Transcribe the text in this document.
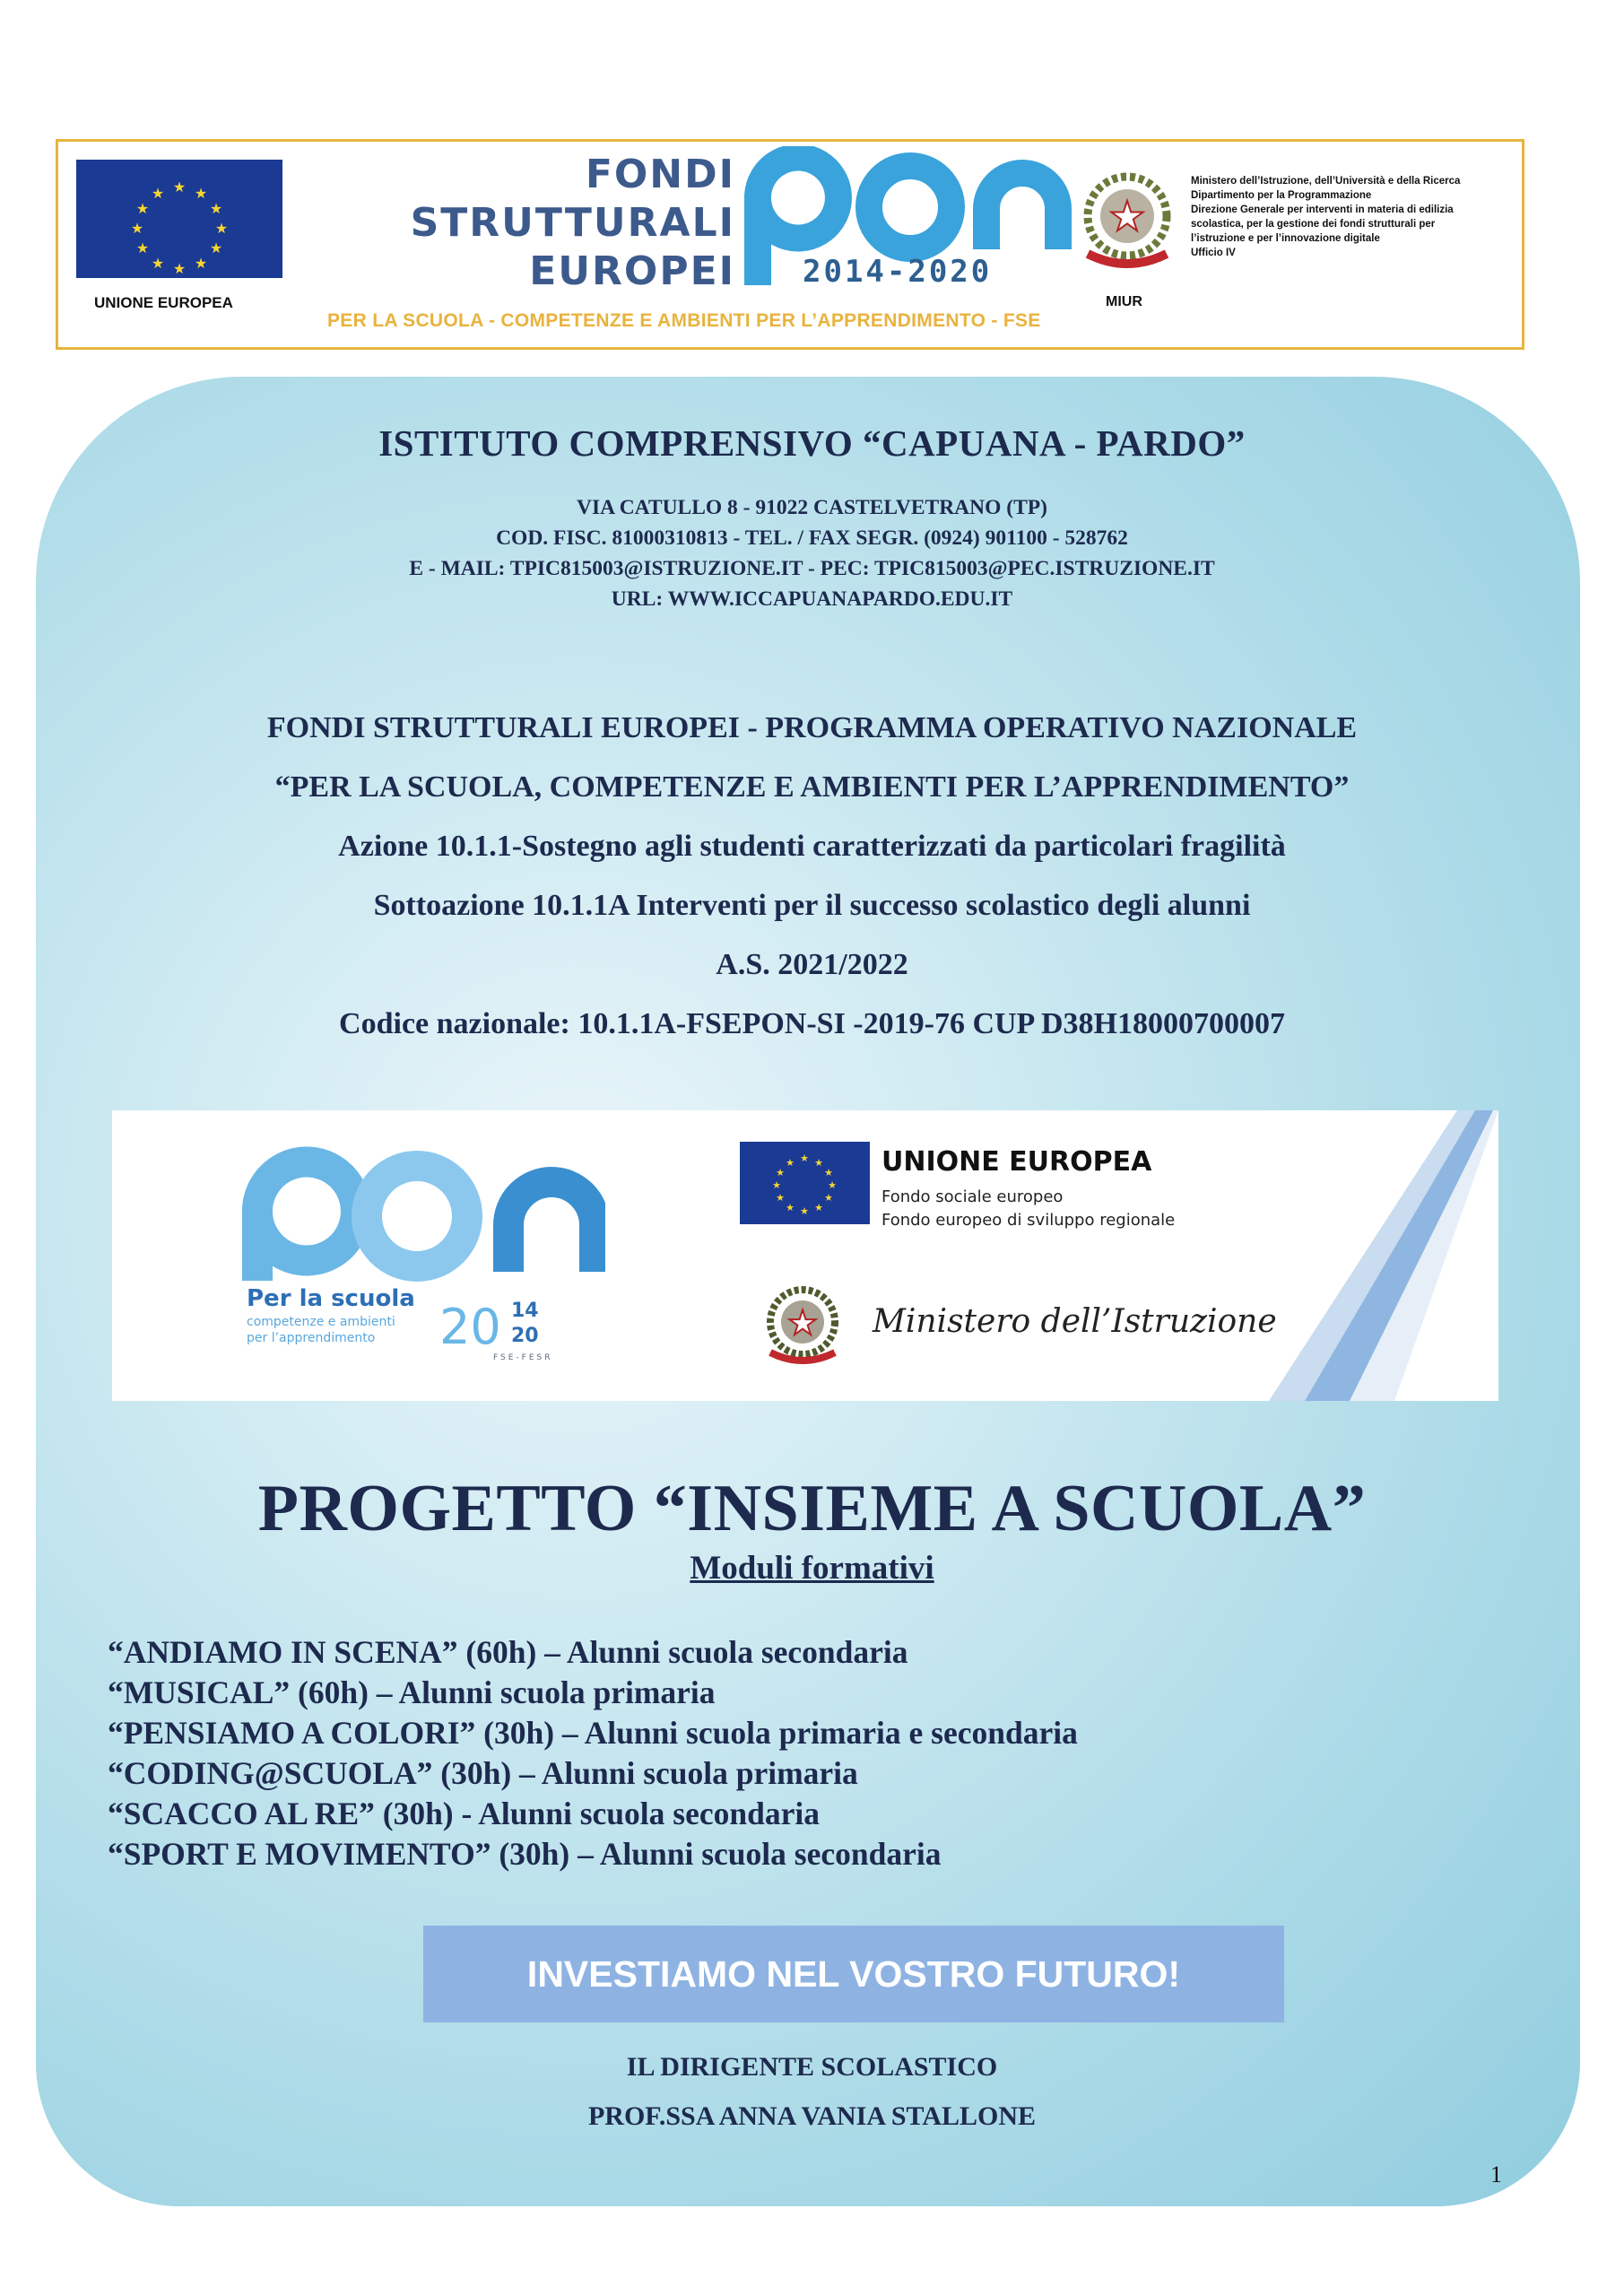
★ ★
★
★
★
★
★
★
★
★
★
★
UNIONE EUROPEA
FONDI
STRUTTURALI
EUROPEI 2014-2020
PER LA SCUOLA - COMPETENZE E AMBIENTI PER L’APPRENDIMENTO - FSE
★
Ministero dell’Istruzione, dell’Università e della Ricerca
Dipartimento per la Programmazione
Direzione Generale per interventi in materia di edilizia
scolastica, per la gestione dei fondi strutturali per
l’istruzione e per l’innovazione digitale
Ufficio IV
MIUR
ISTITUTO COMPRENSIVO “CAPUANA - PARDO”
VIA CATULLO 8 - 91022 CASTELVETRANO (TP)
COD. FISC. 81000310813 - TEL. / FAX SEGR. (0924) 901100 - 528762
E - MAIL: TPIC815003@ISTRUZIONE.IT - PEC: TPIC815003@PEC.ISTRUZIONE.IT
URL: WWW.ICCAPUANAPARDO.EDU.IT
FONDI STRUTTURALI EUROPEI - PROGRAMMA OPERATIVO NAZIONALE
“PER LA SCUOLA, COMPETENZE E AMBIENTI PER L’APPRENDIMENTO”
Azione 10.1.1-Sostegno agli studenti caratterizzati da particolari fragilità
Sottoazione 10.1.1A Interventi per il successo scolastico degli alunni
A.S. 2021/2022
Codice nazionale: 10.1.1A-FSEPON-SI -2019-76 CUP D38H18000700007
Per la scuola
competenze e ambienti
per l’apprendimento 20 14
20
FSE-FESR
★ ★
★
★
★
★
★
★
★
★
★
★	UNIONE EUROPEA
Fondo sociale europeo
Fondo europeo di sviluppo regionale
★ Ministero dell’Istruzione
PROGETTO “INSIEME A SCUOLA”
Moduli formativi
“ANDIAMO IN SCENA” (60h) – Alunni scuola secondaria
“MUSICAL” (60h) – Alunni scuola primaria
“PENSIAMO A COLORI” (30h) – Alunni scuola primaria e secondaria
“CODING@SCUOLA” (30h) – Alunni scuola primaria
“SCACCO AL RE” (30h) - Alunni scuola secondaria
“SPORT E MOVIMENTO” (30h) – Alunni scuola secondaria
INVESTIAMO NEL VOSTRO FUTURO!
IL DIRIGENTE SCOLASTICO
PROF.SSA ANNA VANIA STALLONE
1
